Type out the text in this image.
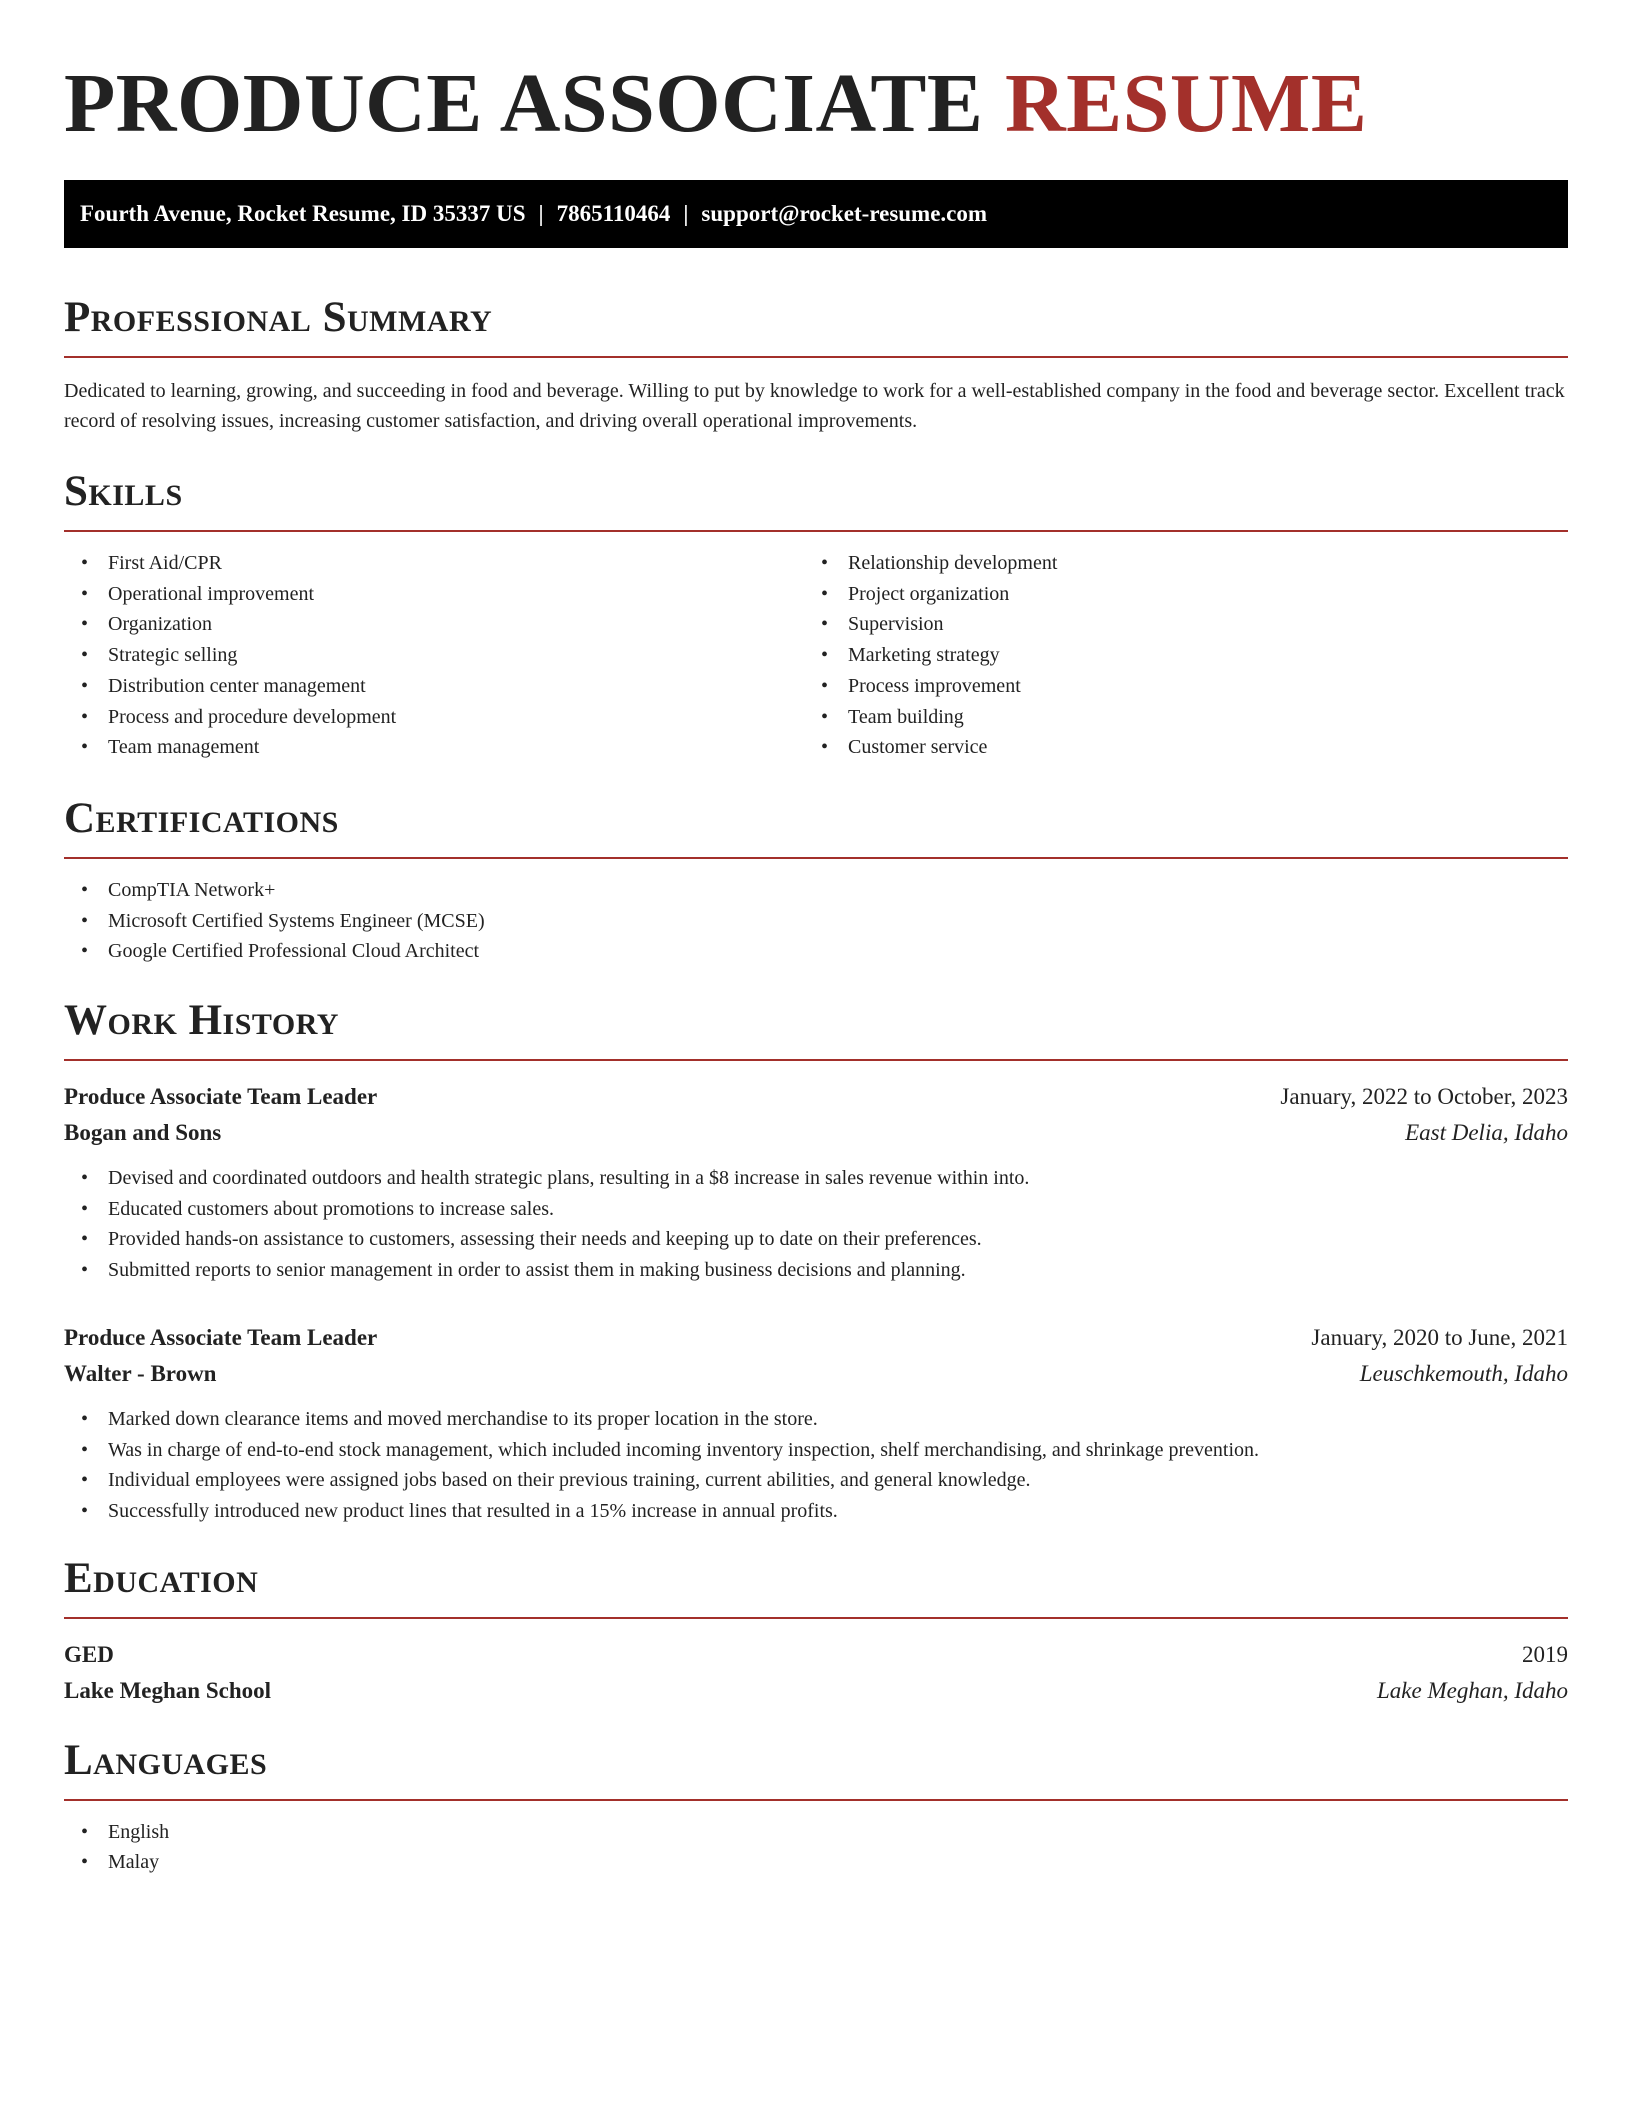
PRODUCE ASSOCIATE RESUME
Fourth Avenue, Rocket Resume, ID 35337 US | 7865110464 | support@rocket-resume.com
Professional Summary

Dedicated to learning, growing, and succeeding in food and beverage. Willing to put by knowledge to work for a well-established company in the food and beverage sector. Excellent track record of resolving issues, increasing customer satisfaction, and driving overall operational improvements.

Skills
• First Aid/CPR
• Operational improvement
• Organization
• Strategic selling
• Distribution center management
• Process and procedure development
• Team management
• Relationship development
• Project organization
• Supervision
• Marketing strategy
• Process improvement
• Team building
• Customer service
Certifications
• CompTIA Network+
• Microsoft Certified Systems Engineer (MCSE)
• Google Certified Professional Cloud Architect
Work History
Produce Associate Team Leader	January, 2022 to October, 2023
Bogan and Sons	East Delia, Idaho
• Devised and coordinated outdoors and health strategic plans, resulting in a $8 increase in sales revenue within into.
• Educated customers about promotions to increase sales.
• Provided hands-on assistance to customers, assessing their needs and keeping up to date on their preferences.
• Submitted reports to senior management in order to assist them in making business decisions and planning.
Produce Associate Team Leader	January, 2020 to June, 2021
Walter - Brown	Leuschkemouth, Idaho
• Marked down clearance items and moved merchandise to its proper location in the store.
• Was in charge of end-to-end stock management, which included incoming inventory inspection, shelf merchandising, and shrinkage prevention.
• Individual employees were assigned jobs based on their previous training, current abilities, and general knowledge.
• Successfully introduced new product lines that resulted in a 15% increase in annual profits.
Education
GED	2019
Lake Meghan School	Lake Meghan, Idaho
Languages
• English
• Malay
